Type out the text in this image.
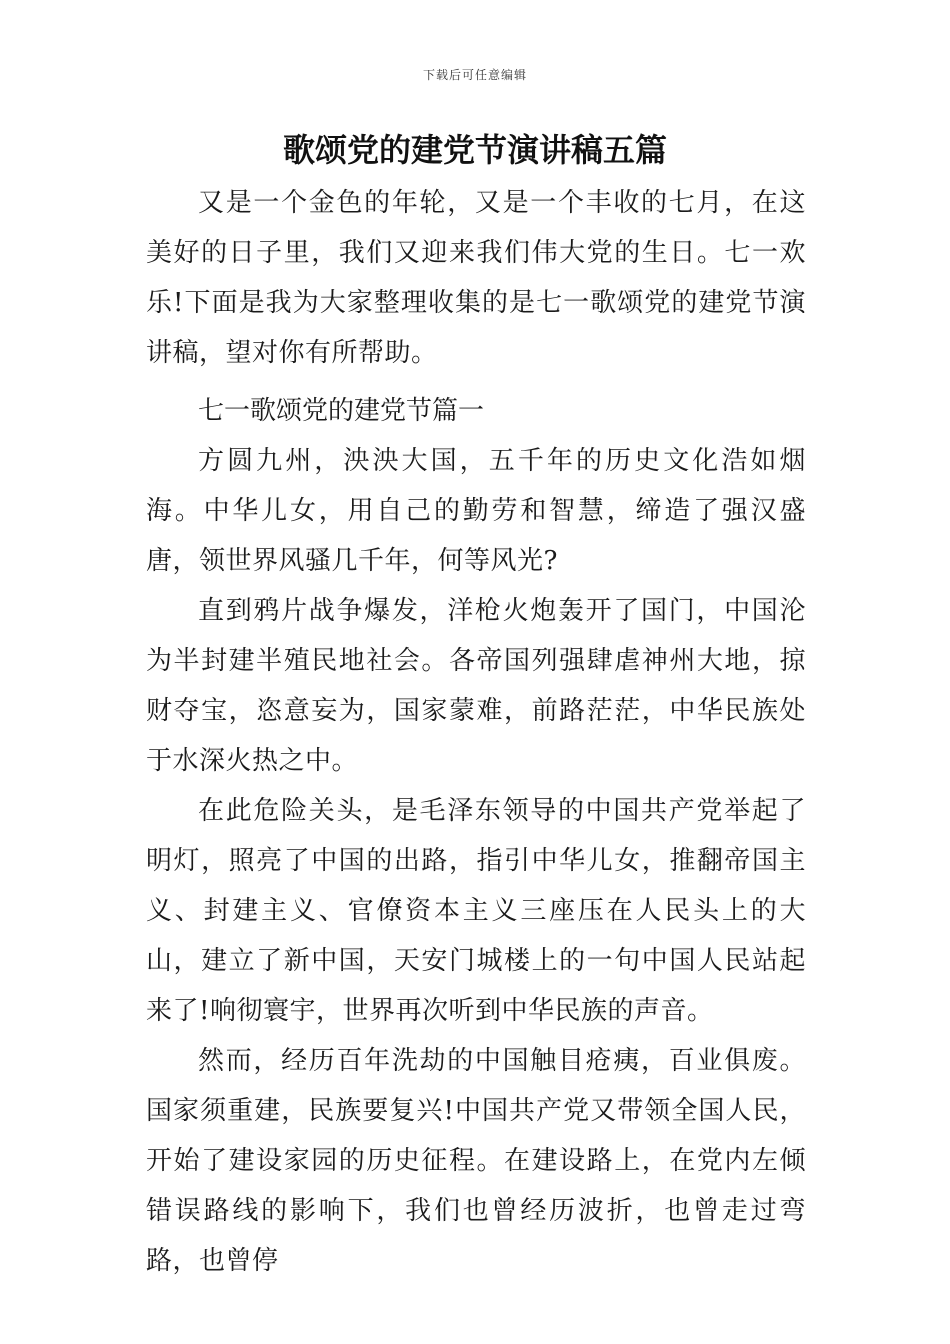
下载后可任意编辑
歌颂党的建党节演讲稿五篇

又是一个金色的年轮，又是一个丰收的七月，在这美好的日子里，我们又迎来我们伟大党的生日。七一欢乐!下面是我为大家整理收集的是七一歌颂党的建党节演讲稿，望对你有所帮助。

七一歌颂党的建党节篇一

方圆九州，泱泱大国，五千年的历史文化浩如烟海。中华儿女，用自己的勤劳和智慧，缔造了强汉盛唐，领世界风骚几千年，何等风光?

直到鸦片战争爆发，洋枪火炮轰开了国门，中国沦为半封建半殖民地社会。各帝国列强肆虐神州大地，掠财夺宝，恣意妄为，国家蒙难，前路茫茫，中华民族处于水深火热之中。

在此危险关头，是毛泽东领导的中国共产党举起了明灯，照亮了中国的出路，指引中华儿女，推翻帝国主义、封建主义、官僚资本主义三座压在人民头上的大山，建立了新中国，天安门城楼上的一句中国人民站起来了!响彻寰宇，世界再次听到中华民族的声音。

然而，经历百年洗劫的中国触目疮痍，百业俱废。国家须重建，民族要复兴!中国共产党又带领全国人民，开始了建设家园的历史征程。在建设路上，在党内左倾错误路线的影响下，我们也曾经历波折，也曾走过弯路，也曾停
